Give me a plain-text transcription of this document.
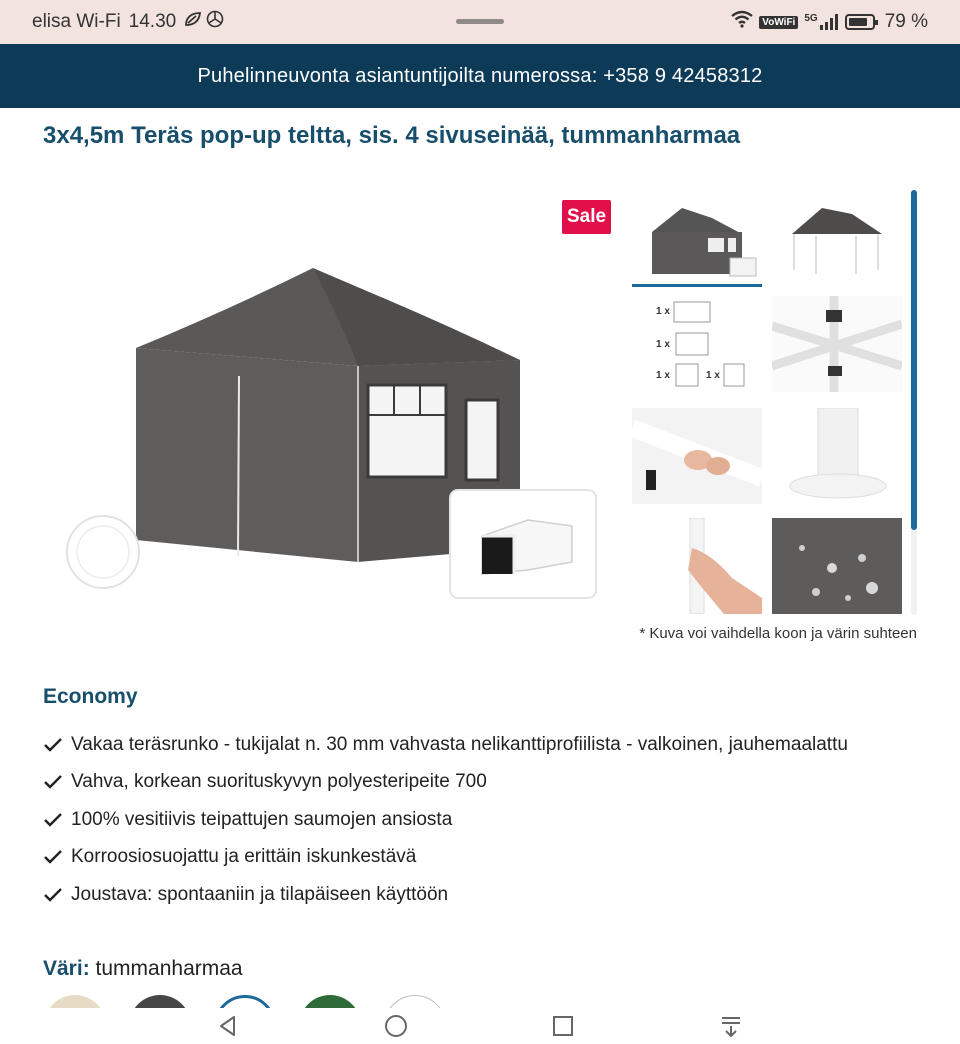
elisa Wi-Fi 14.30	VoWiFi 5G	79 %
Puhelinneuvonta asiantuntijoilta numerossa: +358 9 42458312
3x4,5m Teräs pop-up teltta, sis. 4 sivuseinää, tummanharmaa
Sale
1 x
1 x
1 x	1 x
* Kuva voi vaihdella koon ja värin suhteen
Economy
Vakaa teräsrunko - tukijalat n. 30 mm vahvasta nelikanttiprofiilista - valkoinen, jauhemaalattu
Vahva, korkean suorituskyvyn polyesteripeite 700
100% vesitiivis teipattujen saumojen ansiosta
Korroosiosuojattu ja erittäin iskunkestävä
Joustava: spontaaniin ja tilapäiseen käyttöön
Väri: tummanharmaa
